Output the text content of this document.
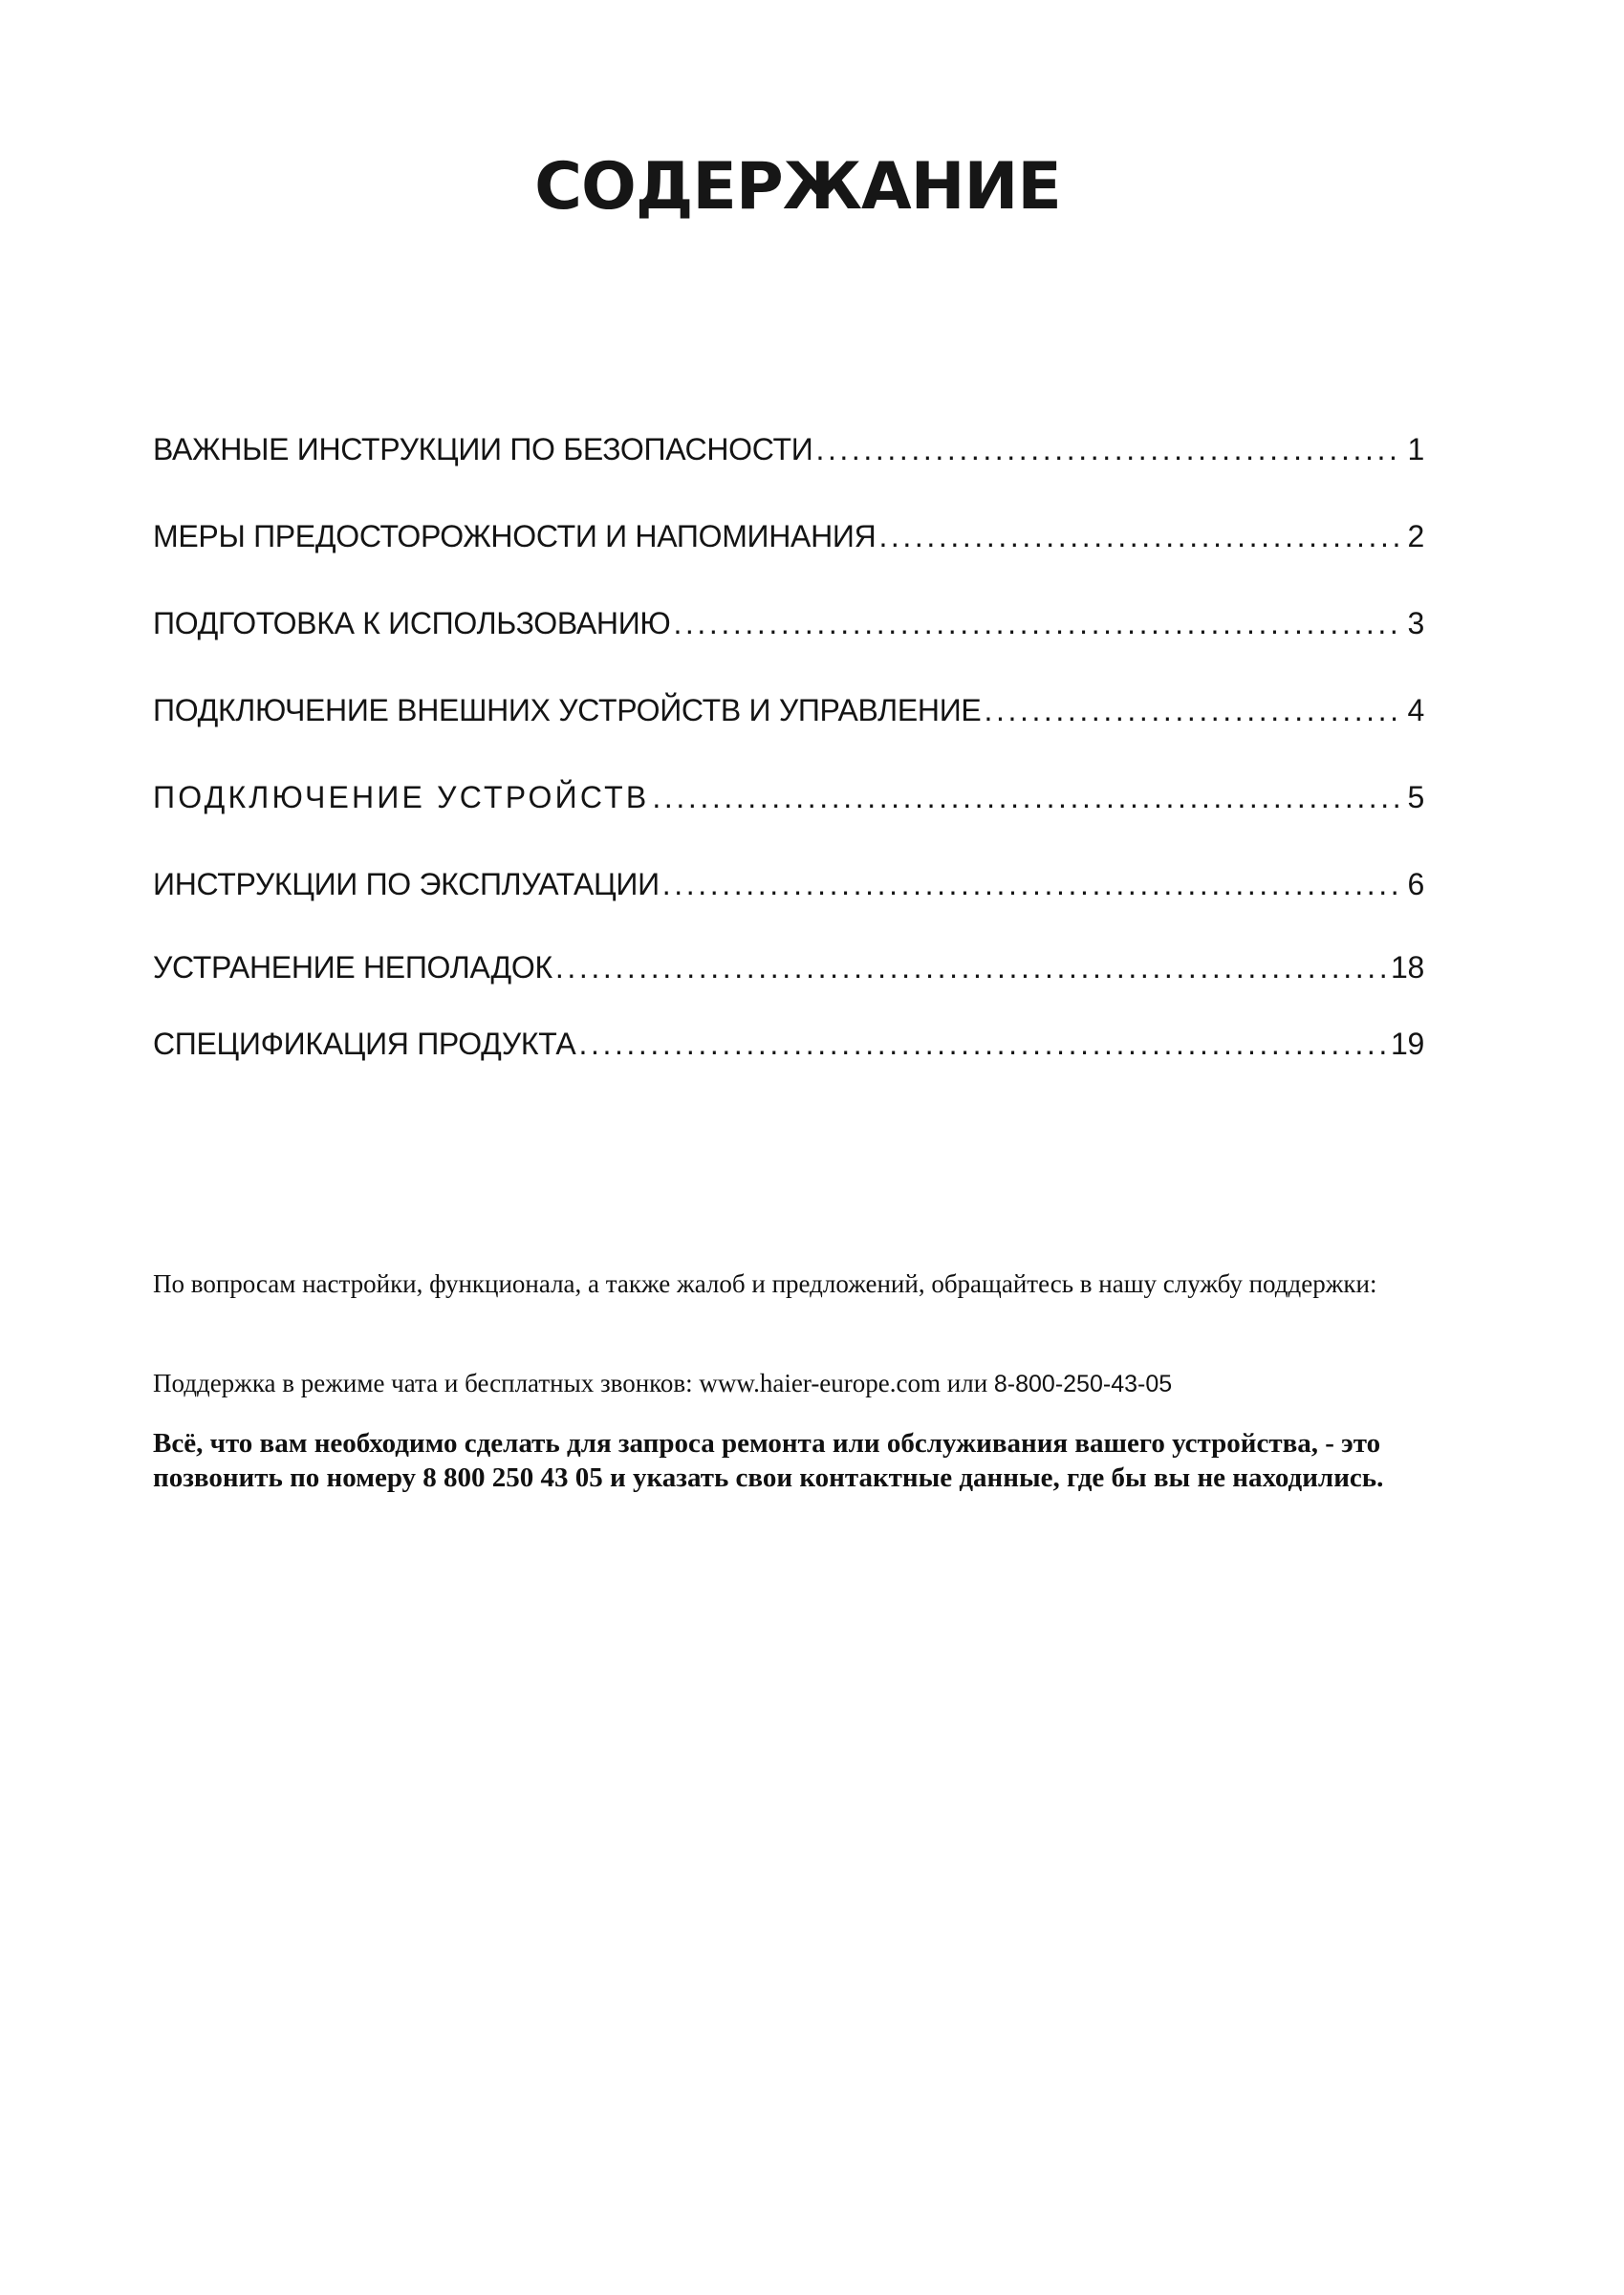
СОДЕРЖАНИЕ
ВАЖНЫЕ ИНСТРУКЦИИ ПО БЕЗОПАСНОСТИ .....	1
МЕРЫ ПРЕДОСТОРОЖНОСТИ И НАПОМИНАНИЯ .....	2
ПОДГОТОВКА К ИСПОЛЬЗОВАНИЮ .....	3
ПОДКЛЮЧЕНИЕ ВНЕШНИХ УСТРОЙСТВ И УПРАВЛЕНИЕ .....	4
ПОДКЛЮЧЕНИЕ УСТРОЙСТВ .....	5
ИНСТРУКЦИИ ПО ЭКСПЛУАТАЦИИ .....	6
УСТРАНЕНИЕ НЕПОЛАДОК .....	18
СПЕЦИФИКАЦИЯ ПРОДУКТА .....	19

По вопросам настройки, функционала, а также жалоб и предложений, обращайтесь в нашу службу поддержки:

Поддержка в режиме чата и бесплатных звонков: www.haier-europe.com или 8-800-250-43-05

Всё, что вам необходимо сделать для запроса ремонта или обслуживания вашего устройства, - это
позвонить по номеру 8 800 250 43 05 и указать свои контактные данные, где бы вы не находились.
